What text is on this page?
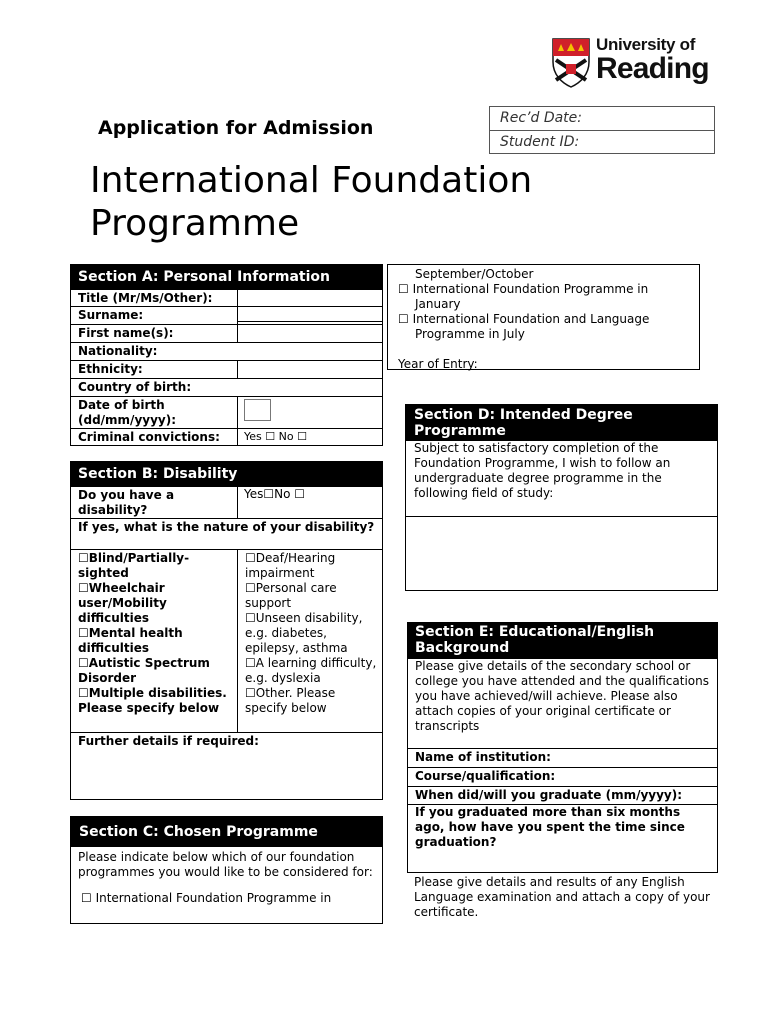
University of
Reading
Application for Admission	Rec’d Date:
Student ID:
International Foundation
Programme
Section A: Personal Information
Title (Mr/Ms/Other):
Surname:
First name(s):
Nationality:
Ethnicity:
Country of birth:
Date of birth (dd/mm/yyyy):
Criminal convictions:	Yes ☐ No ☐
Section B: Disability
Do you have a disability?
Yes☐No ☐
If yes, what is the nature of your disability?
☐Blind/Partially-sighted
☐Wheelchair user/Mobility difficulties
☐Mental health difficulties
☐Autistic Spectrum Disorder
☐Multiple disabilities. Please specify below
☐Deaf/Hearing impairment
☐Personal care support
☐Unseen disability, e.g. diabetes, epilepsy, asthma
☐A learning difficulty, e.g. dyslexia
☐Other. Please specify below
Further details if required:
Section C: Chosen Programme
Please indicate below which of our foundation programmes you would like to be considered for:
☐ International Foundation Programme in
September/October
☐ International Foundation Programme in
January
☐ International Foundation and Language
Programme in July
Year of Entry:
Section D: Intended Degree Programme
Subject to satisfactory completion of the Foundation Programme, I wish to follow an undergraduate degree programme in the following field of study:
Section E: Educational/English Background
Please give details of the secondary school or college you have attended and the qualifications you have achieved/will achieve. Please also attach copies of your original certificate or transcripts
Name of institution:
Course/qualification:
When did/will you graduate (mm/yyyy):
If you graduated more than six months ago, how have you spent the time since graduation?
Please give details and results of any English Language examination and attach a copy of your certificate.
